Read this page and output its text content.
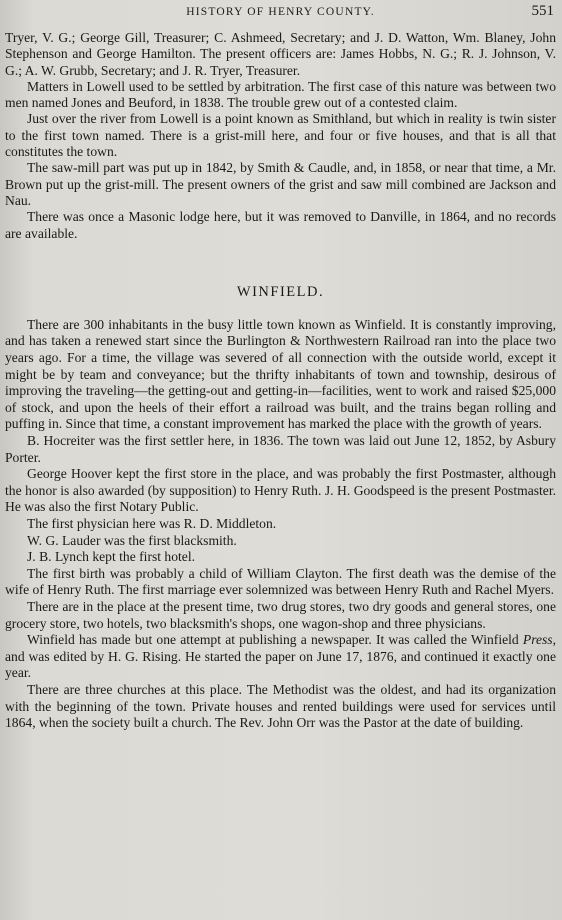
HISTORY OF HENRY COUNTY.	551

Tryer, V. G.; George Gill, Treasurer; C. Ashmeed, Secretary; and J. D. Watton, Wm. Blaney, John Stephenson and George Hamilton. The present officers are: James Hobbs, N. G.; R. J. Johnson, V. G.; A. W. Grubb, Secretary; and J. R. Tryer, Treasurer.

Matters in Lowell used to be settled by arbitration. The first case of this nature was between two men named Jones and Beuford, in 1838. The trouble grew out of a contested claim.

Just over the river from Lowell is a point known as Smithland, but which in reality is twin sister to the first town named. There is a grist-mill here, and four or five houses, and that is all that constitutes the town.

The saw-mill part was put up in 1842, by Smith & Caudle, and, in 1858, or near that time, a Mr. Brown put up the grist-mill. The present owners of the grist and saw mill combined are Jackson and Nau.

There was once a Masonic lodge here, but it was removed to Danville, in 1864, and no records are available.

WINFIELD.

There are 300 inhabitants in the busy little town known as Winfield. It is constantly improving, and has taken a renewed start since the Burlington & Northwestern Railroad ran into the place two years ago. For a time, the village was severed of all connection with the outside world, except it might be by team and conveyance; but the thrifty inhabitants of town and township, desirous of improving the traveling—the getting-out and getting-in—facilities, went to work and raised $25,000 of stock, and upon the heels of their effort a railroad was built, and the trains began rolling and puffing in. Since that time, a constant improvement has marked the place with the growth of years.

B. Hocreiter was the first settler here, in 1836. The town was laid out June 12, 1852, by Asbury Porter.

George Hoover kept the first store in the place, and was probably the first Postmaster, although the honor is also awarded (by supposition) to Henry Ruth. J. H. Goodspeed is the present Postmaster. He was also the first Notary Public.

The first physician here was R. D. Middleton.

W. G. Lauder was the first blacksmith.

J. B. Lynch kept the first hotel.

The first birth was probably a child of William Clayton. The first death was the demise of the wife of Henry Ruth. The first marriage ever solemnized was between Henry Ruth and Rachel Myers.

There are in the place at the present time, two drug stores, two dry goods and general stores, one grocery store, two hotels, two blacksmith's shops, one wagon-shop and three physicians.

Winfield has made but one attempt at publishing a newspaper. It was called the Winfield Press, and was edited by H. G. Rising. He started the paper on June 17, 1876, and continued it exactly one year.

There are three churches at this place. The Methodist was the oldest, and had its organization with the beginning of the town. Private houses and rented buildings were used for services until 1864, when the society built a church. The Rev. John Orr was the Pastor at the date of building.
